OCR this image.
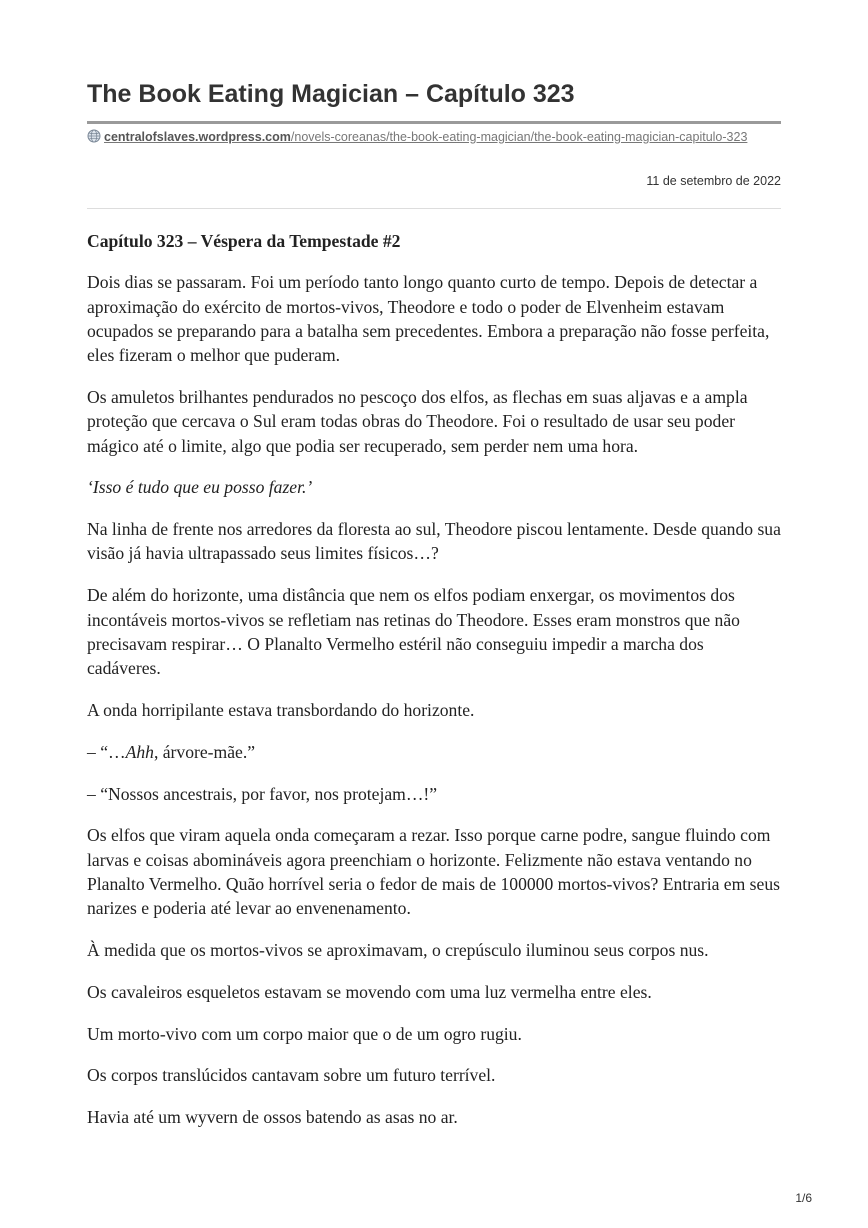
The Book Eating Magician – Capítulo 323
centralofslaves.wordpress.com/novels-coreanas/the-book-eating-magician/the-book-eating-magician-capitulo-323
11 de setembro de 2022
Capítulo 323 – Véspera da Tempestade #2

Dois dias se passaram. Foi um período tanto longo quanto curto de tempo. Depois de detectar a aproximação do exército de mortos-vivos, Theodore e todo o poder de Elvenheim estavam ocupados se preparando para a batalha sem precedentes. Embora a preparação não fosse perfeita, eles fizeram o melhor que puderam.

Os amuletos brilhantes pendurados no pescoço dos elfos, as flechas em suas aljavas e a ampla proteção que cercava o Sul eram todas obras do Theodore. Foi o resultado de usar seu poder mágico até o limite, algo que podia ser recuperado, sem perder nem uma hora.

‘Isso é tudo que eu posso fazer.’

Na linha de frente nos arredores da floresta ao sul, Theodore piscou lentamente. Desde quando sua visão já havia ultrapassado seus limites físicos…?

De além do horizonte, uma distância que nem os elfos podiam enxergar, os movimentos dos incontáveis mortos-vivos se refletiam nas retinas do Theodore. Esses eram monstros que não precisavam respirar… O Planalto Vermelho estéril não conseguiu impedir a marcha dos cadáveres.

A onda horripilante estava transbordando do horizonte.

– “…Ahh, árvore-mãe.”

– “Nossos ancestrais, por favor, nos protejam…!”

Os elfos que viram aquela onda começaram a rezar. Isso porque carne podre, sangue fluindo com larvas e coisas abomináveis agora preenchiam o horizonte. Felizmente não estava ventando no Planalto Vermelho. Quão horrível seria o fedor de mais de 100000 mortos-vivos? Entraria em seus narizes e poderia até levar ao envenenamento.

À medida que os mortos-vivos se aproximavam, o crepúsculo iluminou seus corpos nus.

Os cavaleiros esqueletos estavam se movendo com uma luz vermelha entre eles.

Um morto-vivo com um corpo maior que o de um ogro rugiu.

Os corpos translúcidos cantavam sobre um futuro terrível.

Havia até um wyvern de ossos batendo as asas no ar.

1/6
